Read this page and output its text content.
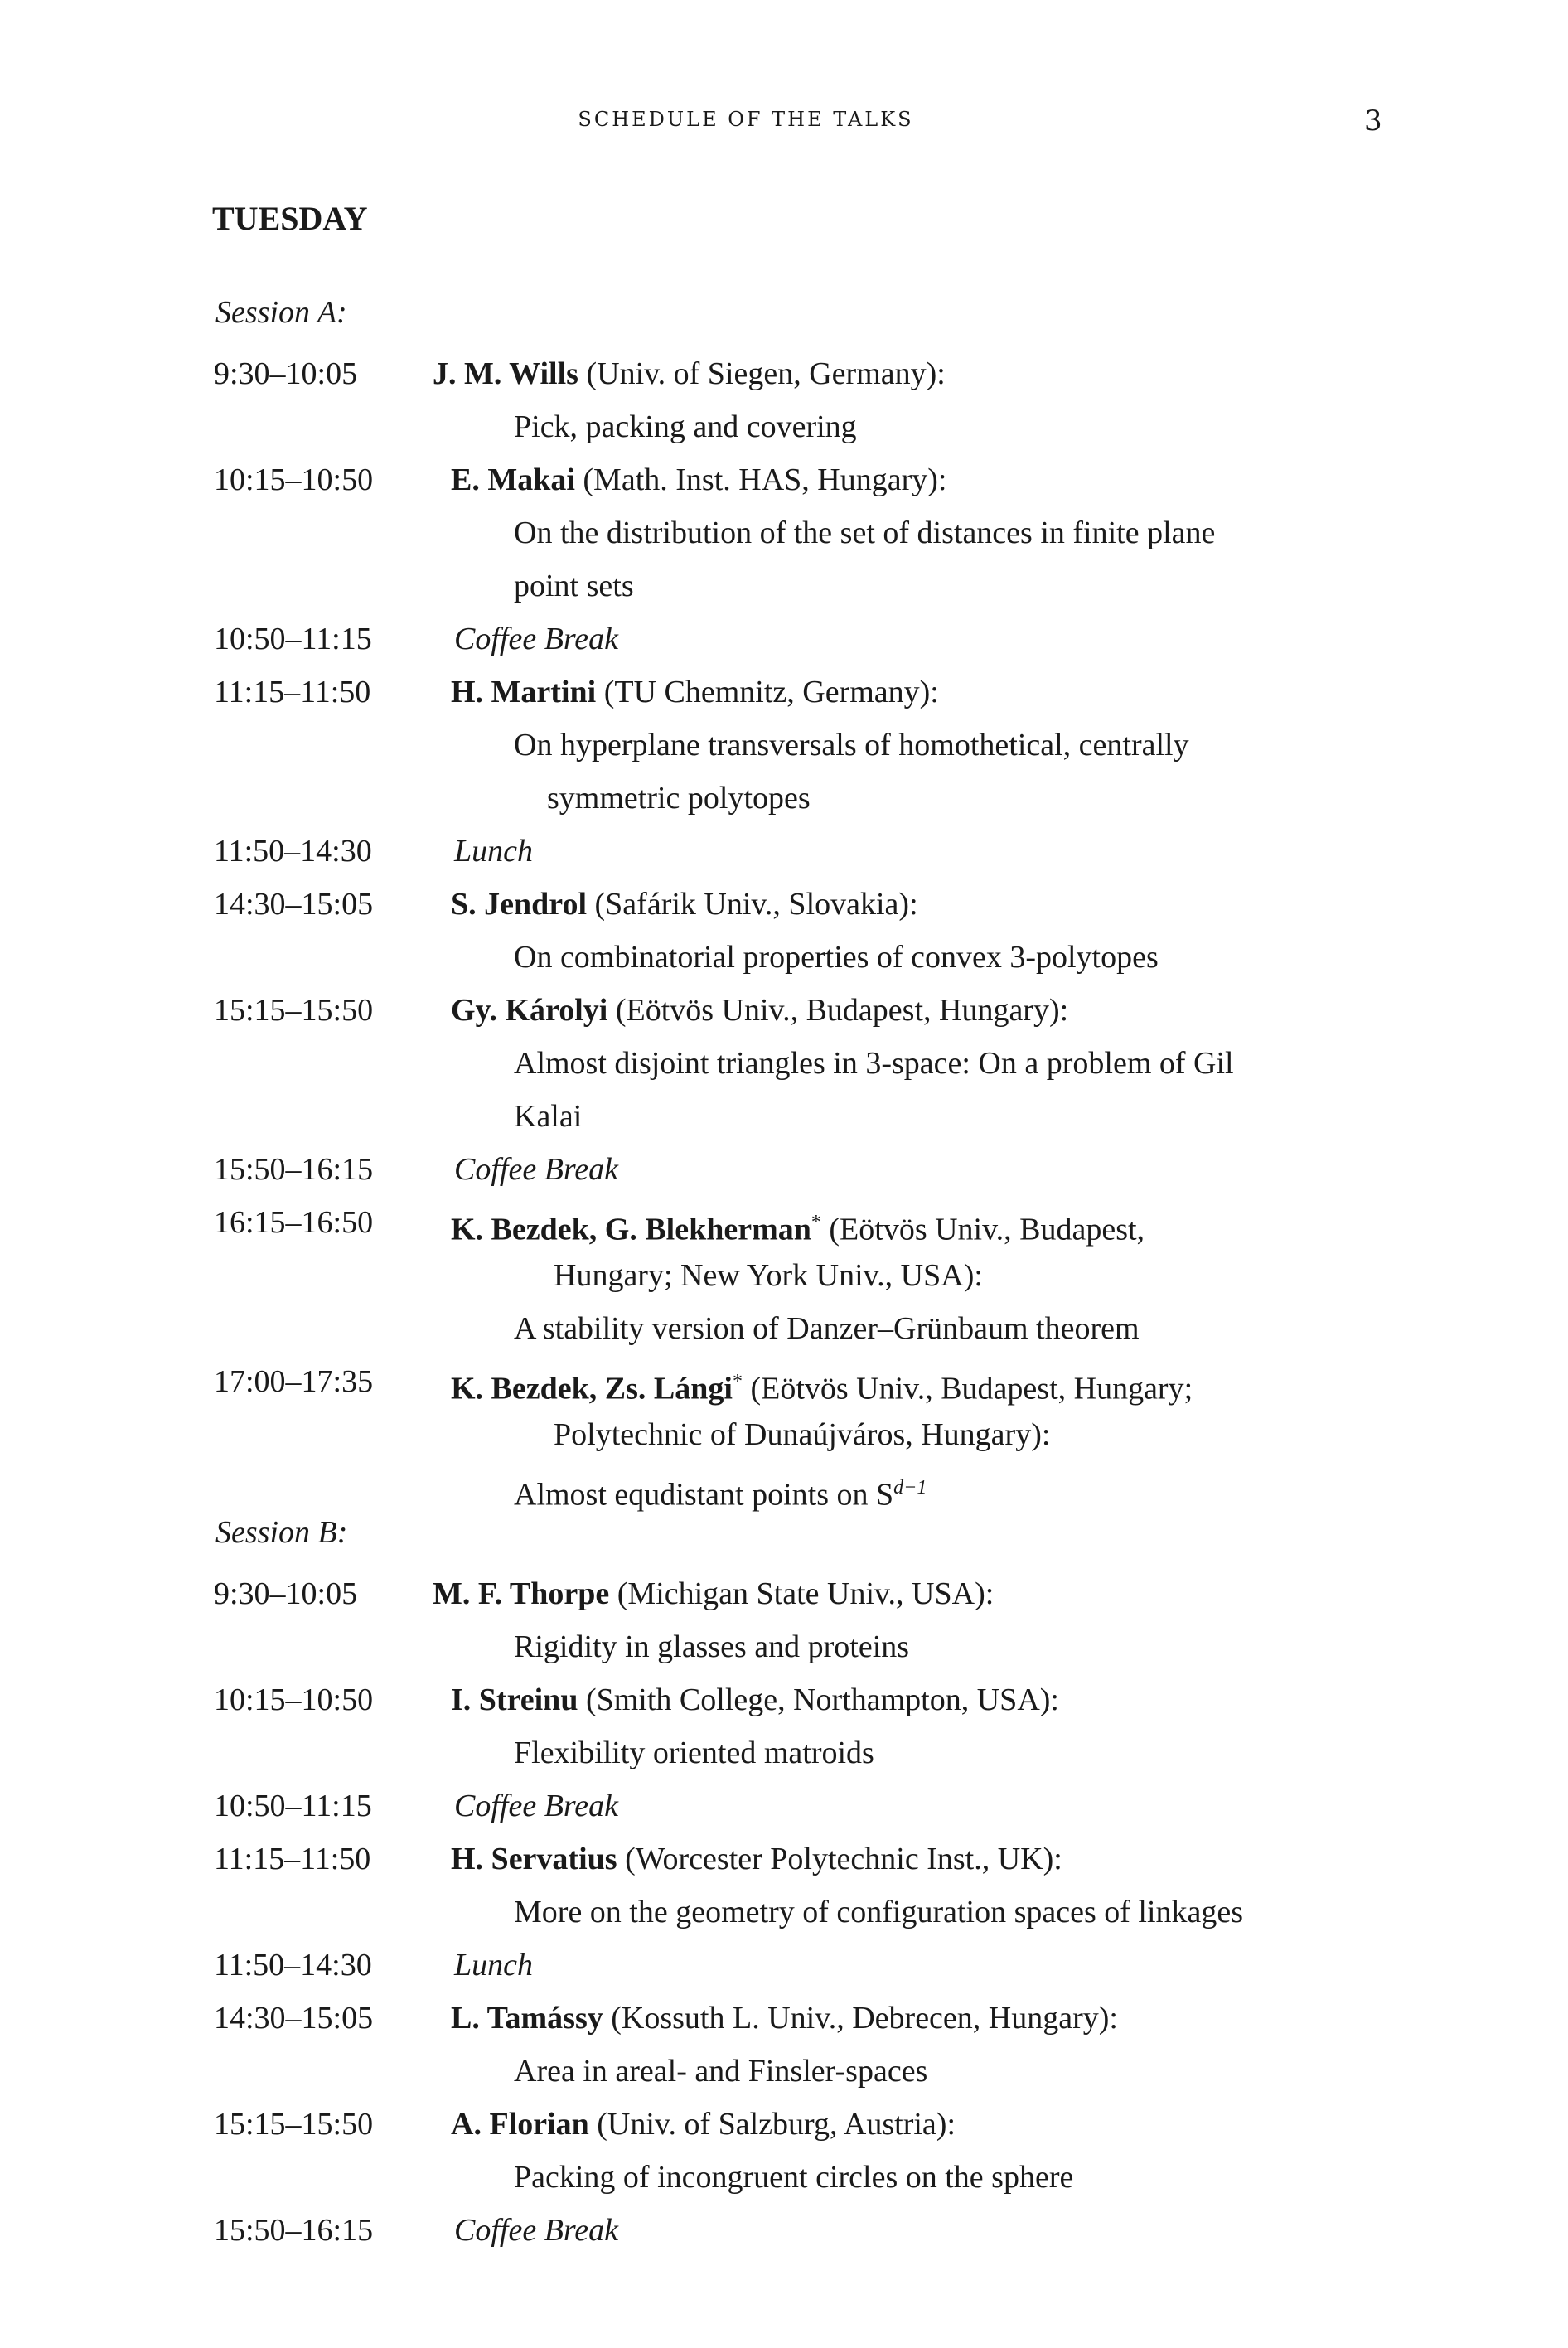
SCHEDULE OF THE TALKS	3
TUESDAY
Session A:
9:30–10:05 J. M. Wills (Univ. of Siegen, Germany):
Pick, packing and covering
10:15–10:50 E. Makai (Math. Inst. HAS, Hungary):
On the distribution of the set of distances in finite plane
point sets
10:50–11:15	Coffee Break
11:15–11:50	H. Martini (TU Chemnitz, Germany):
On hyperplane transversals of homothetical, centrally
symmetric polytopes
11:50–14:30	Lunch
14:30–15:05 S. Jendrol (Safárik Univ., Slovakia):
On combinatorial properties of convex 3-polytopes
15:15–15:50 Gy. Károlyi (Eötvös Univ., Budapest, Hungary):
Almost disjoint triangles in 3-space: On a problem of Gil
Kalai
15:50–16:15	Coffee Break
16:15–16:50 K. Bezdek, G. Blekherman* (Eötvös Univ., Budapest,
Hungary; New York Univ., USA):
A stability version of Danzer–Grünbaum theorem
17:00–17:35 K. Bezdek, Zs. Lángi* (Eötvös Univ., Budapest, Hungary;
Polytechnic of Dunaújváros, Hungary):
Almost equdistant points on $S^{d-1}$
Session B:
9:30–10:05 M. F. Thorpe (Michigan State Univ., USA):
Rigidity in glasses and proteins
10:15–10:50 I. Streinu (Smith College, Northampton, USA):
Flexibility oriented matroids
10:50–11:15	Coffee Break
11:15–11:50	H. Servatius (Worcester Polytechnic Inst., UK):
More on the geometry of configuration spaces of linkages
11:50–14:30	Lunch
14:30–15:05 L. Tamássy (Kossuth L. Univ., Debrecen, Hungary):
Area in areal- and Finsler-spaces
15:15–15:50 A. Florian (Univ. of Salzburg, Austria):
Packing of incongruent circles on the sphere
15:50–16:15	Coffee Break
